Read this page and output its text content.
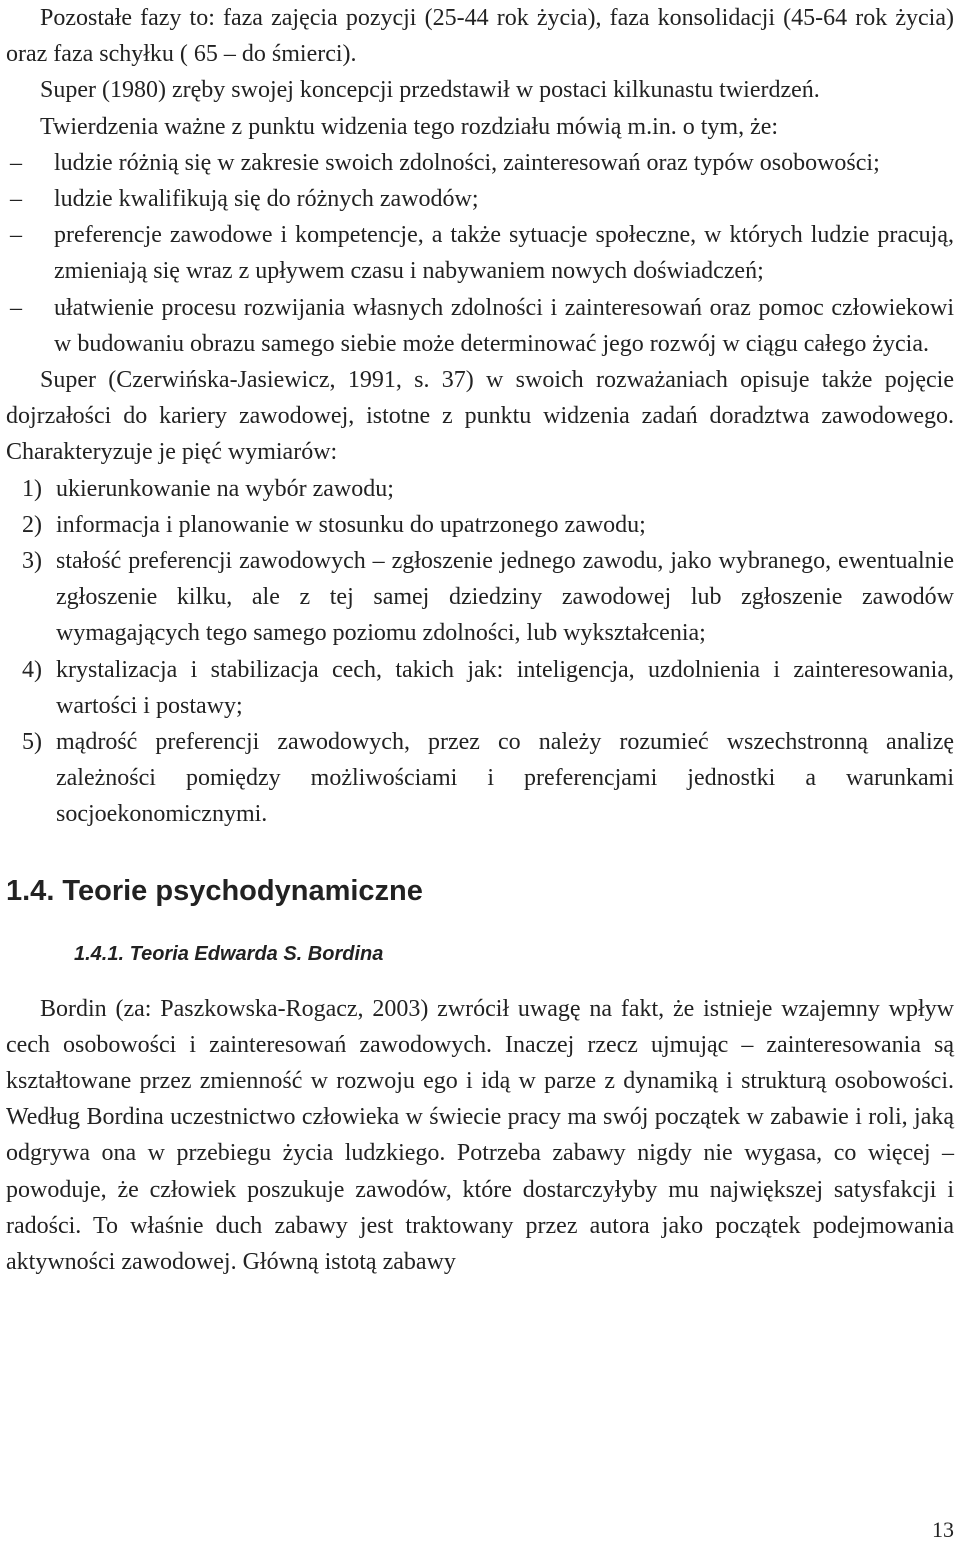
Pozostałe fazy to: faza zajęcia pozycji (25-44 rok życia), faza konsolidacji (45-64 rok życia) oraz faza schyłku ( 65 – do śmierci).

Super (1980) zręby swojej koncepcji przedstawił w postaci kilkunastu twierdzeń.

Twierdzenia ważne z punktu widzenia tego rozdziału mówią m.in. o tym, że:

– ludzie różnią się w zakresie swoich zdolności, zainteresowań oraz typów osobowości;
– ludzie kwalifikują się do różnych zawodów;
– preferencje zawodowe i kompetencje, a także sytuacje społeczne, w których ludzie pracują, zmieniają się wraz z upływem czasu i nabywaniem nowych doświadczeń;
– ułatwienie procesu rozwijania własnych zdolności i zainteresowań oraz pomoc człowiekowi w budowaniu obrazu samego siebie może determinować jego rozwój w ciągu całego życia.

Super (Czerwińska-Jasiewicz, 1991, s. 37) w swoich rozważaniach opisuje także pojęcie dojrzałości do kariery zawodowej, istotne z punktu widzenia zadań doradztwa zawodowego. Charakteryzuje je pięć wymiarów:

1) ukierunkowanie na wybór zawodu;
2) informacja i planowanie w stosunku do upatrzonego zawodu;
3) stałość preferencji zawodowych – zgłoszenie jednego zawodu, jako wybranego, ewentualnie zgłoszenie kilku, ale z tej samej dziedziny zawodowej lub zgłoszenie zawodów wymagających tego samego poziomu zdolności, lub wykształcenia;
4) krystalizacja i stabilizacja cech, takich jak: inteligencja, uzdolnienia i zainteresowania, wartości i postawy;
5) mądrość preferencji zawodowych, przez co należy rozumieć wszechstronną analizę zależności pomiędzy możliwościami i preferencjami jednostki a warunkami socjoekonomicznymi.
1.4. Teorie psychodynamiczne
1.4.1. Teoria Edwarda S. Bordina

Bordin (za: Paszkowska-Rogacz, 2003) zwrócił uwagę na fakt, że istnieje wzajemny wpływ cech osobowości i zainteresowań zawodowych. Inaczej rzecz ujmując – zainteresowania są kształtowane przez zmienność w rozwoju ego i idą w parze z dynamiką i strukturą osobowości. Według Bordina uczestnictwo człowieka w świecie pracy ma swój początek w zabawie i roli, jaką odgrywa ona w przebiegu życia ludzkiego. Potrzeba zabawy nigdy nie wygasa, co więcej – powoduje, że człowiek poszukuje zawodów, które dostarczyłyby mu największej satysfakcji i radości. To właśnie duch zabawy jest traktowany przez autora jako początek podejmowania aktywności zawodowej. Główną istotą zabawy

13
